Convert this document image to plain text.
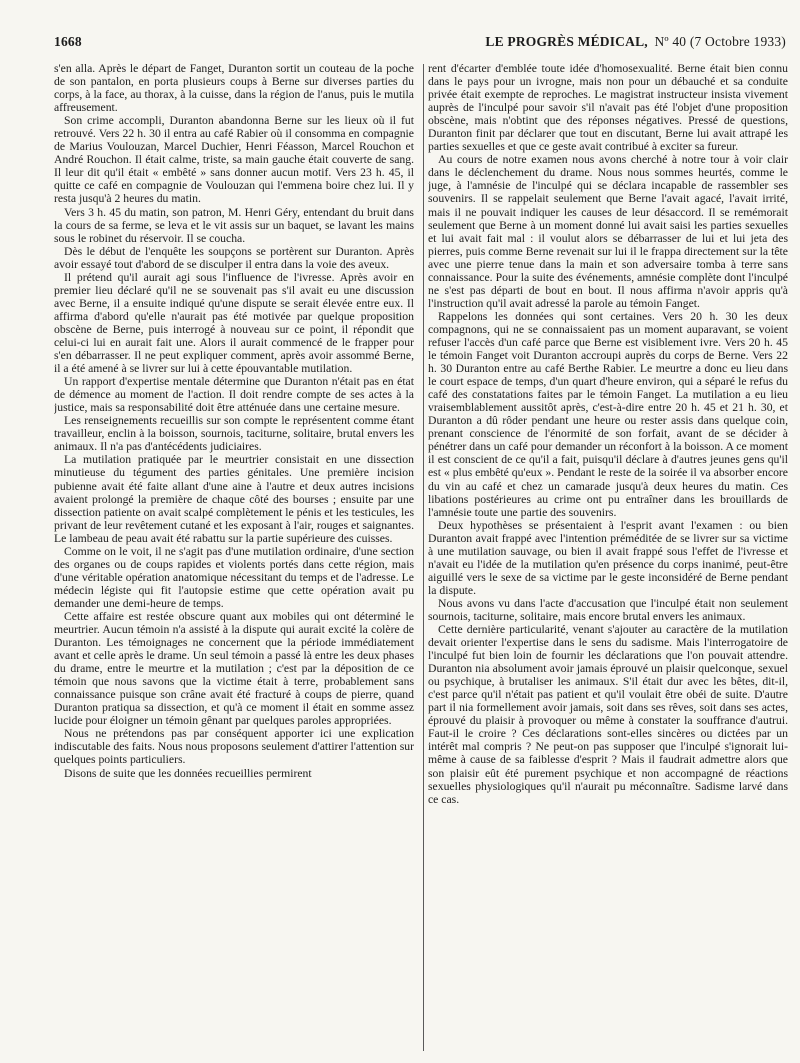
1668	LE PROGRÈS MÉDICAL, Nº 40 (7 Octobre 1933)

s'en alla. Après le départ de Fanget, Duranton sortit un couteau de la poche de son pantalon, en porta plusieurs coups à Berne sur diverses parties du corps, à la face, au thorax, à la cuisse, dans la région de l'anus, puis le mutila affreusement.

Son crime accompli, Duranton abandonna Berne sur les lieux où il fut retrouvé. Vers 22 h. 30 il entra au café Rabier où il consomma en compagnie de Marius Voulouzan, Marcel Duchier, Henri Féasson, Marcel Rouchon et André Rouchon. Il était calme, triste, sa main gauche était couverte de sang. Il leur dit qu'il était « embêté » sans donner aucun motif. Vers 23 h. 45, il quitte ce café en compagnie de Voulouzan qui l'emmena boire chez lui. Il y resta jusqu'à 2 heures du matin.

Vers 3 h. 45 du matin, son patron, M. Henri Géry, entendant du bruit dans la cours de sa ferme, se leva et le vit assis sur un baquet, se lavant les mains sous le robinet du réservoir. Il se coucha.

Dès le début de l'enquête les soupçons se portèrent sur Duranton. Après avoir essayé tout d'abord de se disculper il entra dans la voie des aveux.

Il prétend qu'il aurait agi sous l'influence de l'ivresse. Après avoir en premier lieu déclaré qu'il ne se souvenait pas s'il avait eu une discussion avec Berne, il a ensuite indiqué qu'une dispute se serait élevée entre eux. Il affirma d'abord qu'elle n'aurait pas été motivée par quelque proposition obscène de Berne, puis interrogé à nouveau sur ce point, il répondit que celui-ci lui en aurait fait une. Alors il aurait commencé de le frapper pour s'en débarrasser. Il ne peut expliquer comment, après avoir assommé Berne, il a été amené à se livrer sur lui à cette épouvantable mutilation.

Un rapport d'expertise mentale détermine que Duranton n'était pas en état de démence au moment de l'action. Il doit rendre compte de ses actes à la justice, mais sa responsabilité doit être atténuée dans une certaine mesure.

Les renseignements recueillis sur son compte le représentent comme étant travailleur, enclin à la boisson, sournois, taciturne, solitaire, brutal envers les animaux. Il n'a pas d'antécédents judiciaires.

La mutilation pratiquée par le meurtrier consistait en une dissection minutieuse du tégument des parties génitales. Une première incision pubienne avait été faite allant d'une aine à l'autre et deux autres incisions avaient prolongé la première de chaque côté des bourses ; ensuite par une dissection patiente on avait scalpé complètement le pénis et les testicules, les privant de leur revêtement cutané et les exposant à l'air, rouges et saignantes. Le lambeau de peau avait été rabattu sur la partie supérieure des cuisses.

Comme on le voit, il ne s'agit pas d'une mutilation ordinaire, d'une section des organes ou de coups rapides et violents portés dans cette région, mais d'une véritable opération anatomique nécessitant du temps et de l'adresse. Le médecin légiste qui fit l'autopsie estime que cette opération avait pu demander une demi-heure de temps.

Cette affaire est restée obscure quant aux mobiles qui ont déterminé le meurtrier. Aucun témoin n'a assisté à la dispute qui aurait excité la colère de Duranton. Les témoignages ne concernent que la période immédiatement avant et celle après le drame. Un seul témoin a passé là entre les deux phases du drame, entre le meurtre et la mutilation ; c'est par la déposition de ce témoin que nous savons que la victime était à terre, probablement sans connaissance puisque son crâne avait été fracturé à coups de pierre, quand Duranton pratiqua sa dissection, et qu'à ce moment il était en somme assez lucide pour éloigner un témoin gênant par quelques paroles appropriées.

Nous ne prétendons pas par conséquent apporter ici une explication indiscutable des faits. Nous nous proposons seulement d'attirer l'attention sur quelques points particuliers.

Disons de suite que les données recueillies permirent

rent d'écarter d'emblée toute idée d'homosexualité. Berne était bien connu dans le pays pour un ivrogne, mais non pour un débauché et sa conduite privée était exempte de reproches. Le magistrat instructeur insista vivement auprès de l'inculpé pour savoir s'il n'avait pas été l'objet d'une proposition obscène, mais n'obtint que des réponses négatives. Pressé de questions, Duranton finit par déclarer que tout en discutant, Berne lui avait attrapé les parties sexuelles et que ce geste avait contribué à exciter sa fureur.

Au cours de notre examen nous avons cherché à notre tour à voir clair dans le déclenchement du drame. Nous nous sommes heurtés, comme le juge, à l'amnésie de l'inculpé qui se déclara incapable de rassembler ses souvenirs. Il se rappelait seulement que Berne l'avait agacé, l'avait irrité, mais il ne pouvait indiquer les causes de leur désaccord. Il se remémorait seulement que Berne à un moment donné lui avait saisi les parties sexuelles et lui avait fait mal : il voulut alors se débarrasser de lui et lui jeta des pierres, puis comme Berne revenait sur lui il le frappa directement sur la tête avec une pierre tenue dans la main et son adversaire tomba à terre sans connaissance. Pour la suite des événements, amnésie complète dont l'inculpé ne s'est pas départi de bout en bout. Il nous affirma n'avoir appris qu'à l'instruction qu'il avait adressé la parole au témoin Fanget.

Rappelons les données qui sont certaines. Vers 20 h. 30 les deux compagnons, qui ne se connaissaient pas un moment auparavant, se voient refuser l'accès d'un café parce que Berne est visiblement ivre. Vers 20 h. 45 le témoin Fanget voit Duranton accroupi auprès du corps de Berne. Vers 22 h. 30 Duranton entre au café Berthe Rabier. Le meurtre a donc eu lieu dans le court espace de temps, d'un quart d'heure environ, qui a séparé le refus du café des constatations faites par le témoin Fanget. La mutilation a eu lieu vraisemblablement aussitôt après, c'est-à-dire entre 20 h. 45 et 21 h. 30, et Duranton a dû rôder pendant une heure ou rester assis dans quelque coin, prenant conscience de l'énormité de son forfait, avant de se décider à pénétrer dans un café pour demander un réconfort à la boisson. A ce moment il est conscient de ce qu'il a fait, puisqu'il déclare à d'autres jeunes gens qu'il est « plus embêté qu'eux ». Pendant le reste de la soirée il va absorber encore du vin au café et chez un camarade jusqu'à deux heures du matin. Ces libations postérieures au crime ont pu entraîner dans les brouillards de l'amnésie toute une partie des souvenirs.

Deux hypothèses se présentaient à l'esprit avant l'examen : ou bien Duranton avait frappé avec l'intention préméditée de se livrer sur sa victime à une mutilation sauvage, ou bien il avait frappé sous l'effet de l'ivresse et n'avait eu l'idée de la mutilation qu'en présence du corps inanimé, peut-être aiguillé vers le sexe de sa victime par le geste inconsidéré de Berne pendant la dispute.

Nous avons vu dans l'acte d'accusation que l'inculpé était non seulement sournois, taciturne, solitaire, mais encore brutal envers les animaux.

Cette dernière particularité, venant s'ajouter au caractère de la mutilation devait orienter l'expertise dans le sens du sadisme. Mais l'interrogatoire de l'inculpé fut bien loin de fournir les déclarations que l'on pouvait attendre. Duranton nia absolument avoir jamais éprouvé un plaisir quelconque, sexuel ou psychique, à brutaliser les animaux. S'il était dur avec les bêtes, dit-il, c'est parce qu'il n'était pas patient et qu'il voulait être obéi de suite. D'autre part il nia formellement avoir jamais, soit dans ses rêves, soit dans ses actes, éprouvé du plaisir à provoquer ou même à constater la souffrance d'autrui. Faut-il le croire ? Ces déclarations sont-elles sincères ou dictées par un intérêt mal compris ? Ne peut-on pas supposer que l'inculpé s'ignorait lui-même à cause de sa faiblesse d'esprit ? Mais il faudrait admettre alors que son plaisir eût été purement psychique et non accompagné de réactions sexuelles physiologiques qu'il n'aurait pu méconnaître. Sadisme larvé dans ce cas.
